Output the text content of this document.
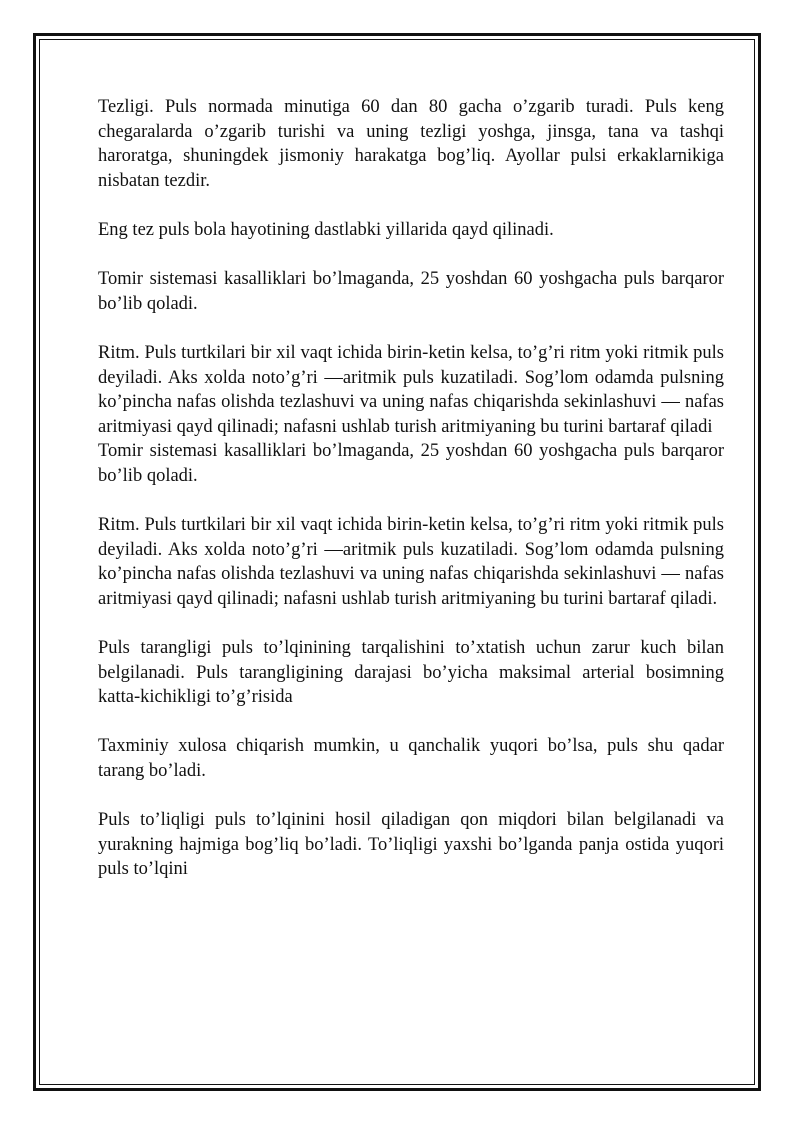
Tezligi. Puls normada minutiga 60 dan 80 gacha o’zgarib turadi. Puls keng chegaralarda o’zgarib turishi va uning tezligi yoshga, jinsga, tana va tashqi haroratga, shuningdek jismoniy harakatga bog’liq. Ayollar pulsi erkaklarnikiga nisbatan tezdir.

Eng tez puls bola hayotining dastlabki yillarida qayd qilinadi.

Tomir sistemasi kasalliklari bo’lmaganda, 25 yoshdan 60 yoshgacha puls barqaror bo’lib qoladi.

Ritm. Puls turtkilari bir xil vaqt ichida birin-ketin kelsa, to’g’ri ritm yoki ritmik puls deyiladi. Aks xolda noto’g’ri —aritmik puls kuzatiladi. Sog’lom odamda pulsning ko’pincha nafas olishda tezlashuvi va uning nafas chiqarishda sekinlashuvi — nafas aritmiyasi qayd qilinadi; nafasni ushlab turish aritmiyaning bu turini bartaraf qiladi

Tomir sistemasi kasalliklari bo’lmaganda, 25 yoshdan 60 yoshgacha puls barqaror bo’lib qoladi.

Ritm. Puls turtkilari bir xil vaqt ichida birin-ketin kelsa, to’g’ri ritm yoki ritmik puls deyiladi. Aks xolda noto’g’ri —aritmik puls kuzatiladi. Sog’lom odamda pulsning ko’pincha nafas olishda tezlashuvi va uning nafas chiqarishda sekinlashuvi — nafas aritmiyasi qayd qilinadi; nafasni ushlab turish aritmiyaning bu turini bartaraf qiladi.

Puls tarangligi puls to’lqinining tarqalishini to’xtatish uchun zarur kuch bilan belgilanadi. Puls tarangligining darajasi bo’yicha maksimal arterial bosimning katta-kichikligi to’g’risida

Taxminiy xulosa chiqarish mumkin, u qanchalik yuqori bo’lsa, puls shu qadar tarang bo’ladi.

Puls to’liqligi puls to’lqinini hosil qiladigan qon miqdori bilan belgilanadi va yurakning hajmiga bog’liq bo’ladi. To’liqligi yaxshi bo’lganda panja ostida yuqori puls to’lqini
